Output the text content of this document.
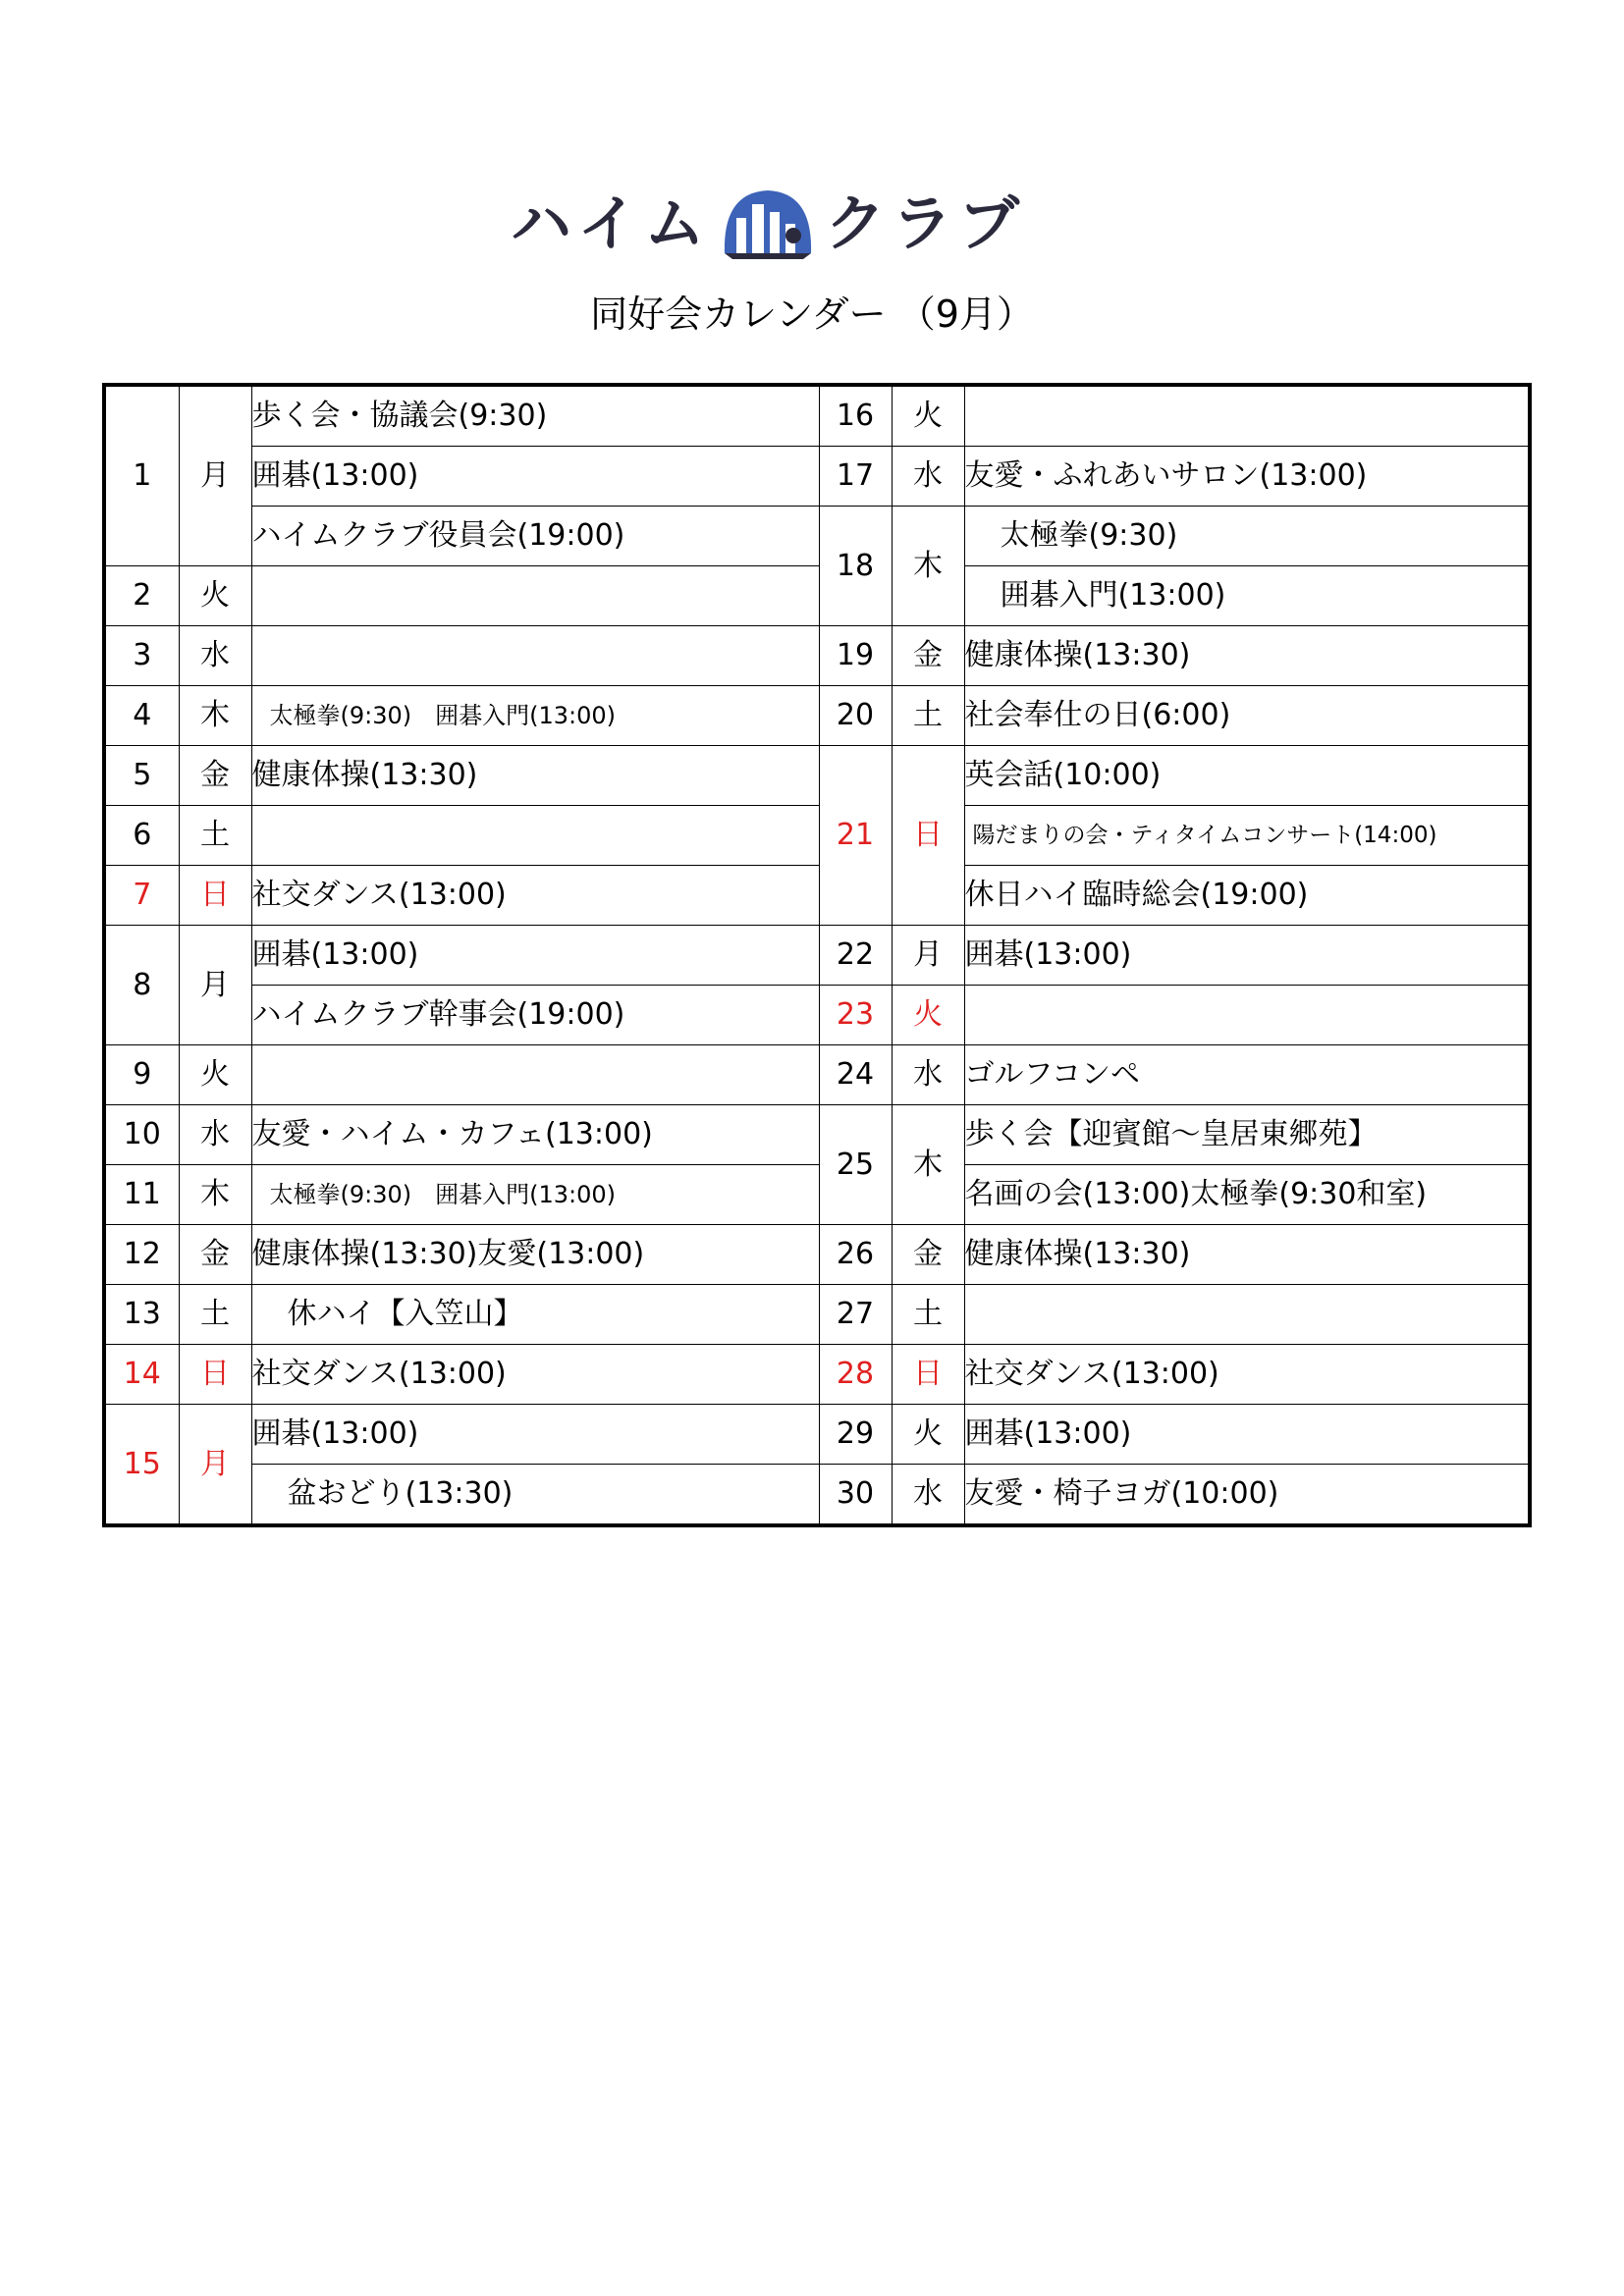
ハイム クラブ
同好会カレンダー （9月）
1	月	歩く会・協議会(9:30)	16	火	
		囲碁(13:00)	17	水	友愛・ふれあいサロン(13:00)
		ハイムクラブ役員会(19:00)	18	木	太極拳(9:30)
2	火				囲碁入門(13:00)
3	水		19	金	健康体操(13:30)
4	木	太極拳(9:30)　囲碁入門(13:00)	20	土	社会奉仕の日(6:00)
5	金	健康体操(13:30)	21	日	英会話(10:00)
6	土				陽だまりの会・ティタイムコンサート(14:00)
7	日	社交ダンス(13:00)			休日ハイ臨時総会(19:00)
8	月	囲碁(13:00)	22	月	囲碁(13:00)
		ハイムクラブ幹事会(19:00)	23	火	
9	火		24	水	ゴルフコンペ
10	水	友愛・ハイム・カフェ(13:00)	25	木	歩く会【迎賓館～皇居東郷苑】
11	木	太極拳(9:30)　囲碁入門(13:00)			名画の会(13:00)太極拳(9:30和室)
12	金	健康体操(13:30)友愛(13:00)	26	金	健康体操(13:30)
13	土	休ハイ【入笠山】	27	土	
14	日	社交ダンス(13:00)	28	日	社交ダンス(13:00)
15	月	囲碁(13:00)	29	火	囲碁(13:00)
		盆おどり(13:30)	30	水	友愛・椅子ヨガ(10:00)
